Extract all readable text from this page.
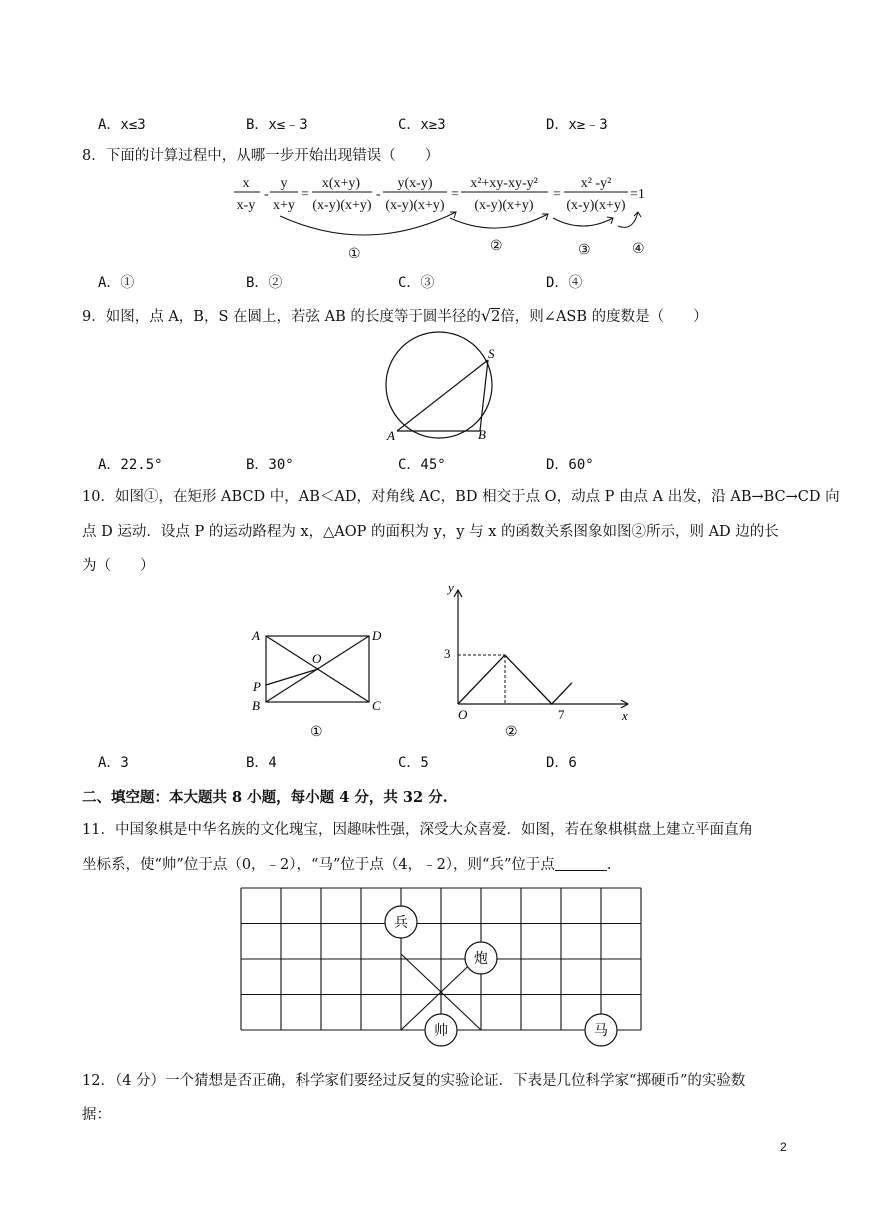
A．x≤3	B．x≤﹣3	C．x≥3	D．x≥﹣3
8．下面的计算过程中，从哪一步开始出现错误（　　）
x
x-y
-
y
x+y
=
x(x+y)
(x-y)(x+y)
-
y(x-y)
(x-y)(x+y)
=
x²+xy-xy-y²
(x-y)(x+y)
=
x² -y²
(x-y)(x+y)
=1
①
②	③	④
A．①	B．②	C．③	D．④
9．如图，点 A，B，S 在圆上，若弦 AB 的长度等于圆半径的√2倍，则∠ASB 的度数是（　　）
A	B
S
A．22.5°	B．30°	C．45°	D．60°
10．如图①，在矩形 ABCD 中，AB＜AD，对角线 AC，BD 相交于点 O，动点 P 由点 A 出发，沿 AB→BC→CD 向
点 D 运动．设点 P 的运动路程为 x，△AOP 的面积为 y，y 与 x 的函数关系图象如图②所示，则 AD 边的长
为（　　）
A	D
B	C
O
P
①
y
x
O
3
7
②
A．3	B．4	C．5	D．6
二、填空题：本大题共 8 小题，每小题 4 分，共 32 分.
11．中国象棋是中华名族的文化瑰宝，因趣味性强，深受大众喜爱．如图，若在象棋棋盘上建立平面直角
坐标系，使“帅”位于点（0，﹣2），“马”位于点（4，﹣2），则“兵”位于点	.
兵
炮
帅	马
12．（4 分）一个猜想是否正确，科学家们要经过反复的实验论证．下表是几位科学家“掷硬币”的实验数
据：
2
